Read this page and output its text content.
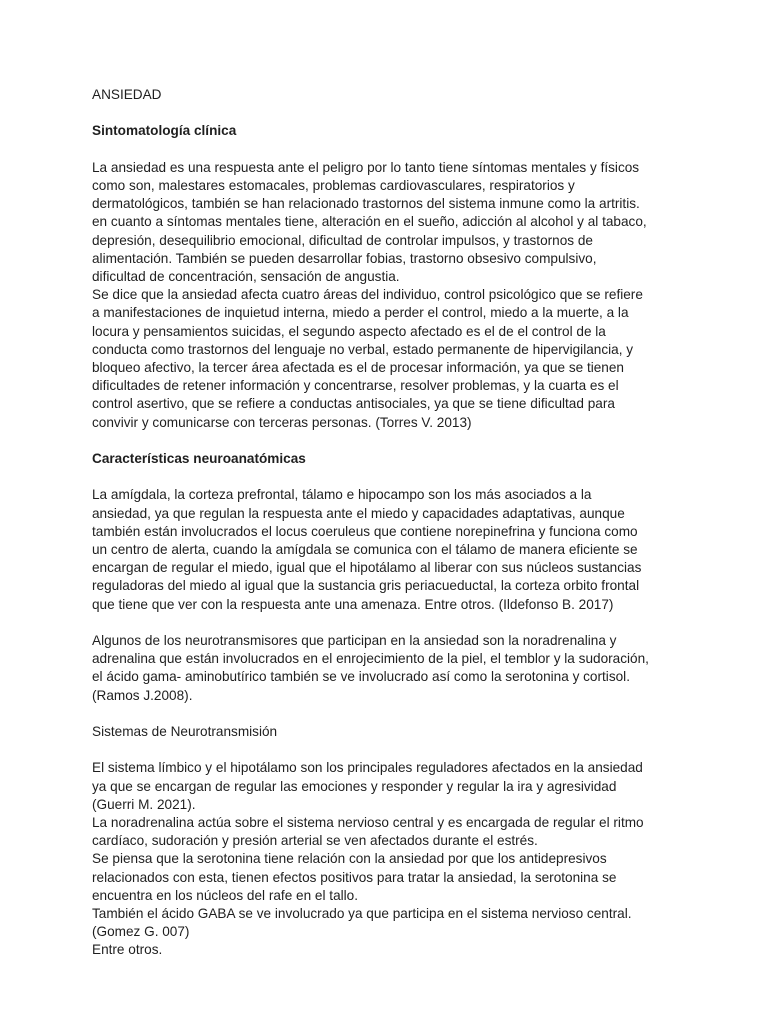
ANSIEDAD

Sintomatología clínica

La ansiedad es una respuesta ante el peligro por lo tanto tiene síntomas mentales y físicos
como son, malestares estomacales, problemas cardiovasculares, respiratorios y
dermatológicos, también se han relacionado trastornos del sistema inmune como la artritis.
en cuanto a síntomas mentales tiene, alteración en el sueño, adicción al alcohol y al tabaco,
depresión, desequilibrio emocional, dificultad de controlar impulsos, y trastornos de
alimentación. También se pueden desarrollar fobias, trastorno obsesivo compulsivo,
dificultad de concentración, sensación de angustia.

Se dice que la ansiedad afecta cuatro áreas del individuo, control psicológico que se refiere
a manifestaciones de inquietud interna, miedo a perder el control, miedo a la muerte, a la
locura y pensamientos suicidas, el segundo aspecto afectado es el de el control de la
conducta como trastornos del lenguaje no verbal, estado permanente de hipervigilancia, y
bloqueo afectivo, la tercer área afectada es el de procesar información, ya que se tienen
dificultades de retener información y concentrarse, resolver problemas, y la cuarta es el
control asertivo, que se refiere a conductas antisociales, ya que se tiene dificultad para
convivir y comunicarse con terceras personas. (Torres V. 2013)

Características neuroanatómicas

La amígdala, la corteza prefrontal, tálamo e hipocampo son los más asociados a la
ansiedad, ya que regulan la respuesta ante el miedo y capacidades adaptativas, aunque
también están involucrados el locus coeruleus que contiene norepinefrina y funciona como
un centro de alerta, cuando la amígdala se comunica con el tálamo de manera eficiente se
encargan de regular el miedo, igual que el hipotálamo al liberar con sus núcleos sustancias
reguladoras del miedo al igual que la sustancia gris periacueductal, la corteza orbito frontal
que tiene que ver con la respuesta ante una amenaza. Entre otros. (Ildefonso B. 2017)

Algunos de los neurotransmisores que participan en la ansiedad son la noradrenalina y
adrenalina que están involucrados en el enrojecimiento de la piel, el temblor y la sudoración,
el ácido gama- aminobutírico también se ve involucrado así como la serotonina y cortisol.
(Ramos J.2008).

Sistemas de Neurotransmisión

El sistema límbico y el hipotálamo son los principales reguladores afectados en la ansiedad
ya que se encargan de regular las emociones y responder y regular la ira y agresividad
(Guerri M. 2021).

La noradrenalina actúa sobre el sistema nervioso central y es encargada de regular el ritmo
cardíaco, sudoración y presión arterial se ven afectados durante el estrés.

Se piensa que la serotonina tiene relación con la ansiedad por que los antidepresivos
relacionados con esta, tienen efectos positivos para tratar la ansiedad, la serotonina se
encuentra en los núcleos del rafe en el tallo.

También el ácido GABA se ve involucrado ya que participa en el sistema nervioso central.
(Gomez G. 007)

Entre otros.
